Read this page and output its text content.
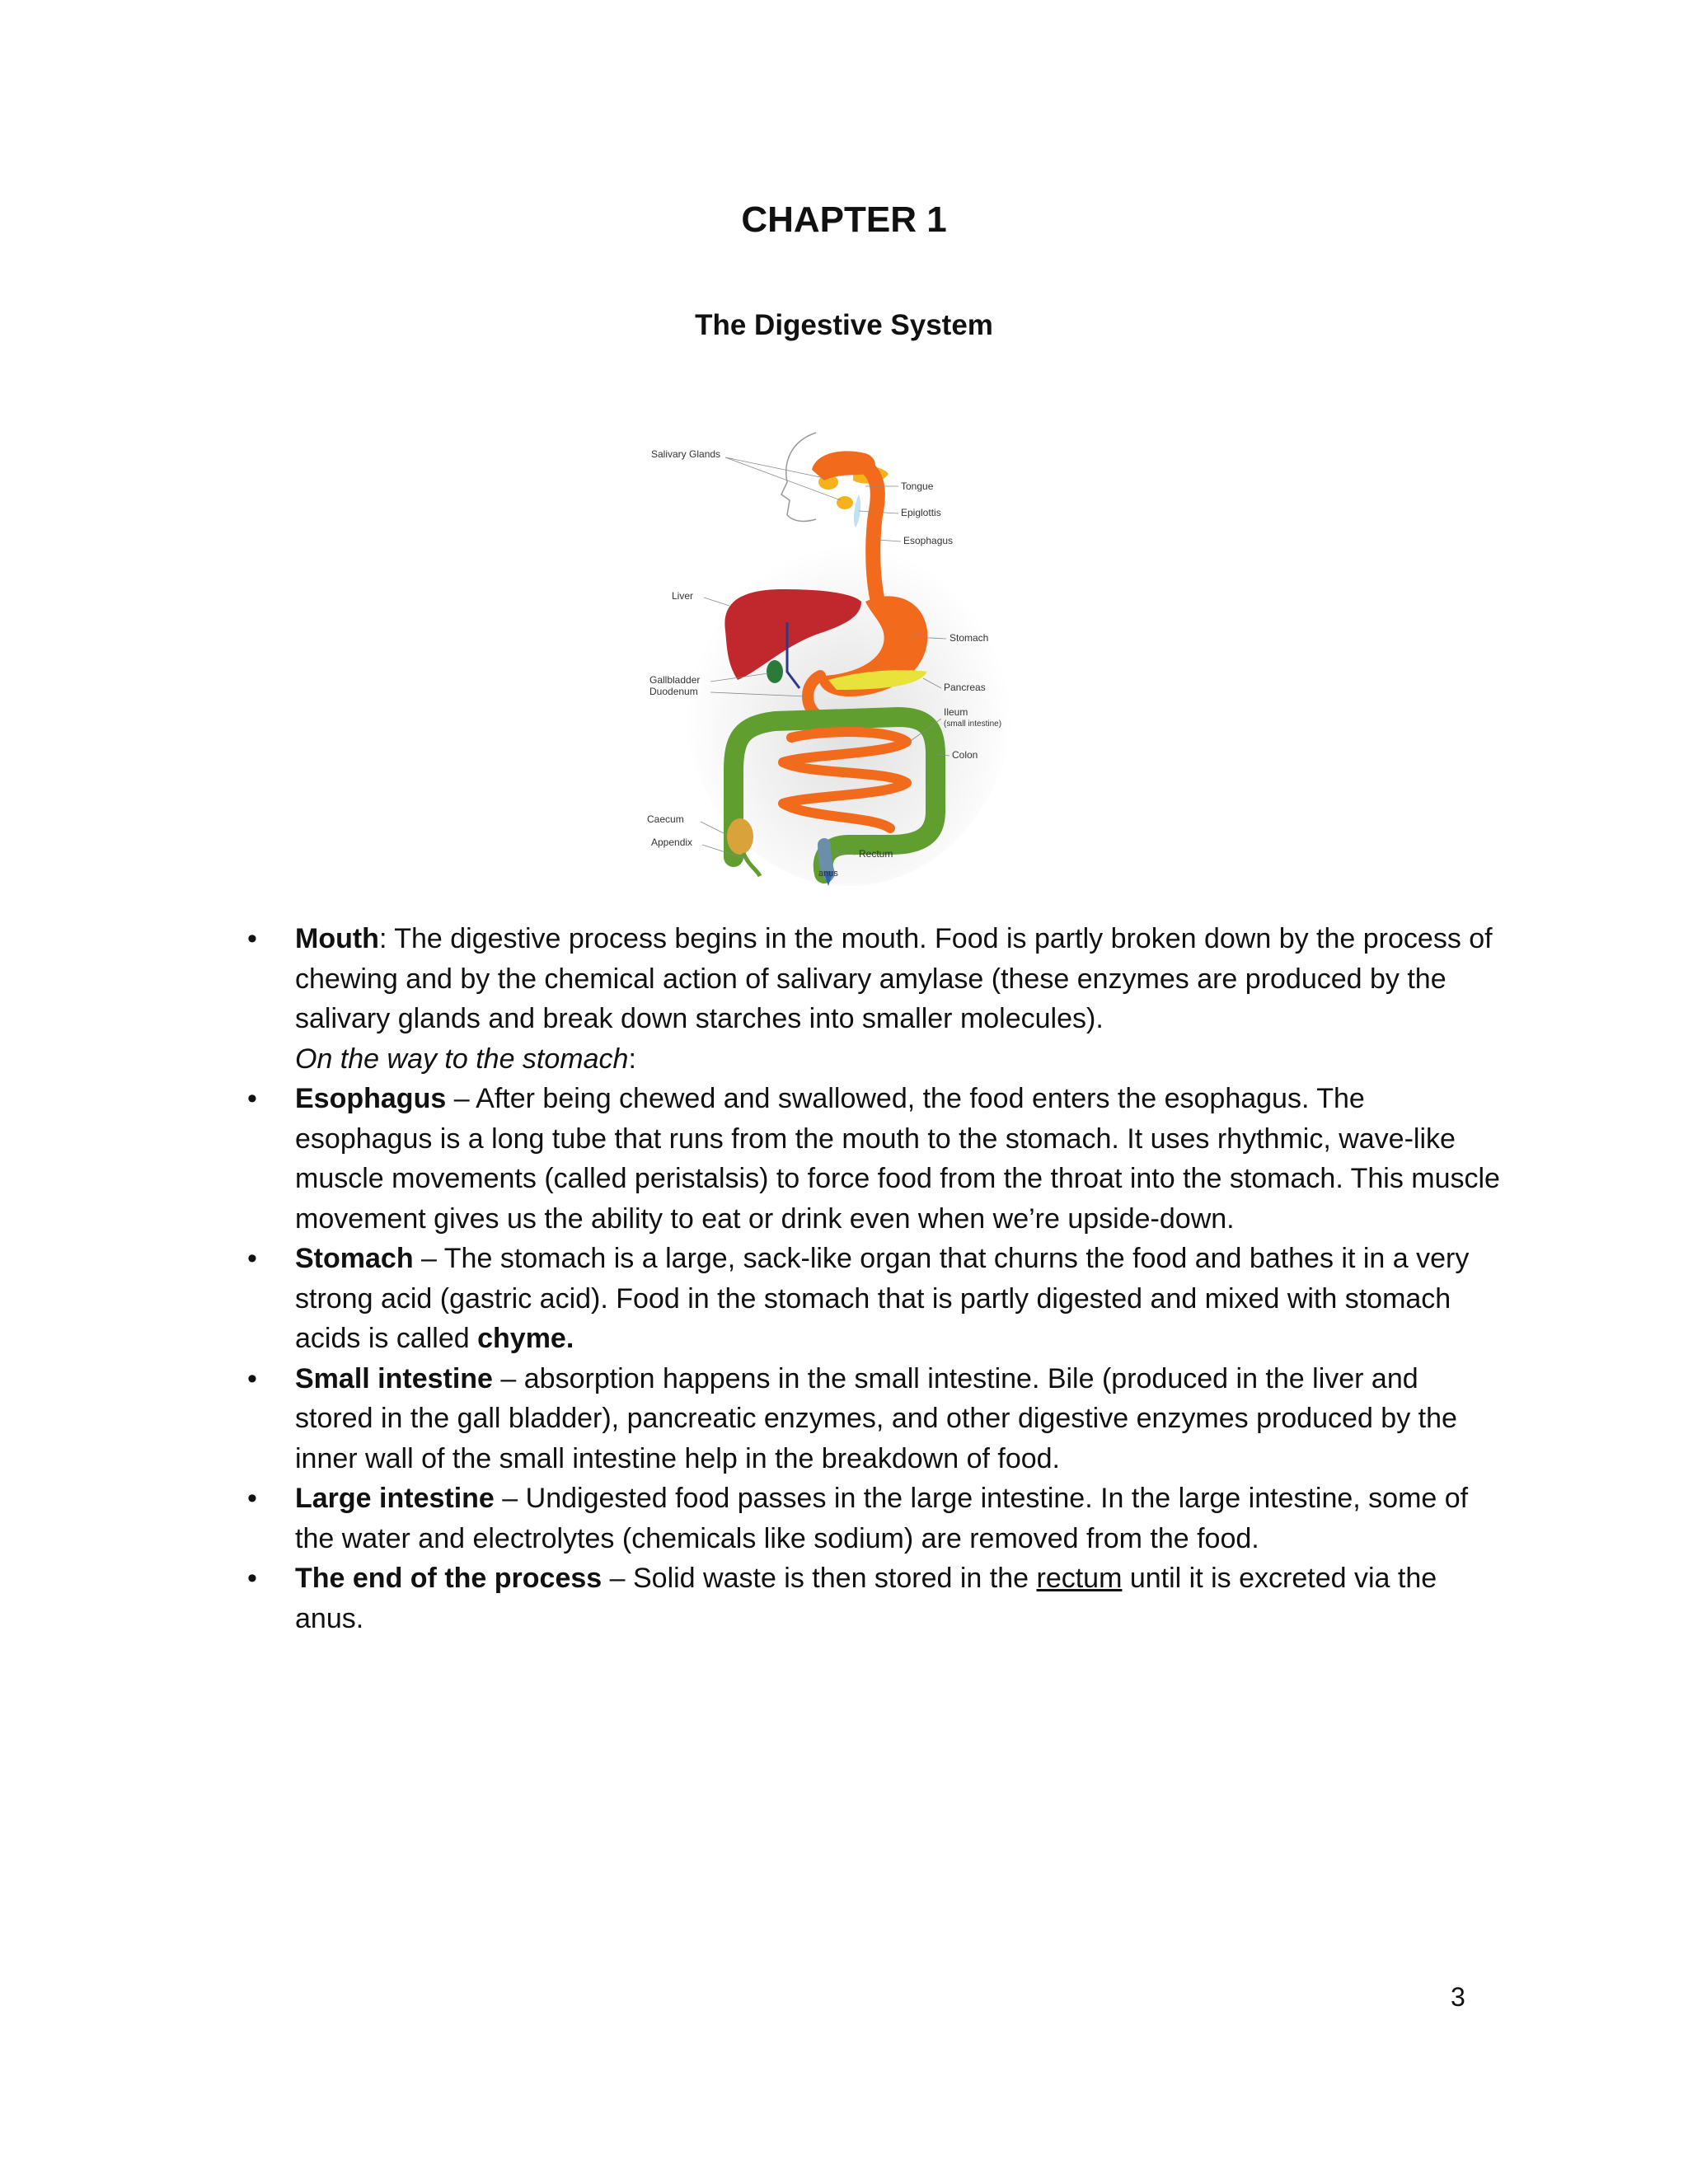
CHAPTER 1
The Digestive System
Salivary Glands
Tongue
Epiglottis
Esophagus
Liver
Stomach
Gallbladder
Duodenum	Pancreas
Ileum
(small intestine)
Colon
Caecum
Appendix
Rectum
anus
• Mouth: The digestive process begins in the mouth. Food is partly broken down by the process of chewing and by the chemical action of salivary amylase (these enzymes are produced by the salivary glands and break down starches into smaller molecules).
On the way to the stomach:
• Esophagus – After being chewed and swallowed, the food enters the esophagus. The esophagus is a long tube that runs from the mouth to the stomach. It uses rhythmic, wave-like muscle movements (called peristalsis) to force food from the throat into the stomach. This muscle movement gives us the ability to eat or drink even when we’re upside-down.
• Stomach – The stomach is a large, sack-like organ that churns the food and bathes it in a very strong acid (gastric acid). Food in the stomach that is partly digested and mixed with stomach acids is called chyme.
• Small intestine – absorption happens in the small intestine. Bile (produced in the liver and stored in the gall bladder), pancreatic enzymes, and other digestive enzymes produced by the inner wall of the small intestine help in the breakdown of food.
• Large intestine – Undigested food passes in the large intestine. In the large intestine, some of the water and electrolytes (chemicals like sodium) are removed from the food.
• The end of the process – Solid waste is then stored in the rectum until it is excreted via the anus.
3
